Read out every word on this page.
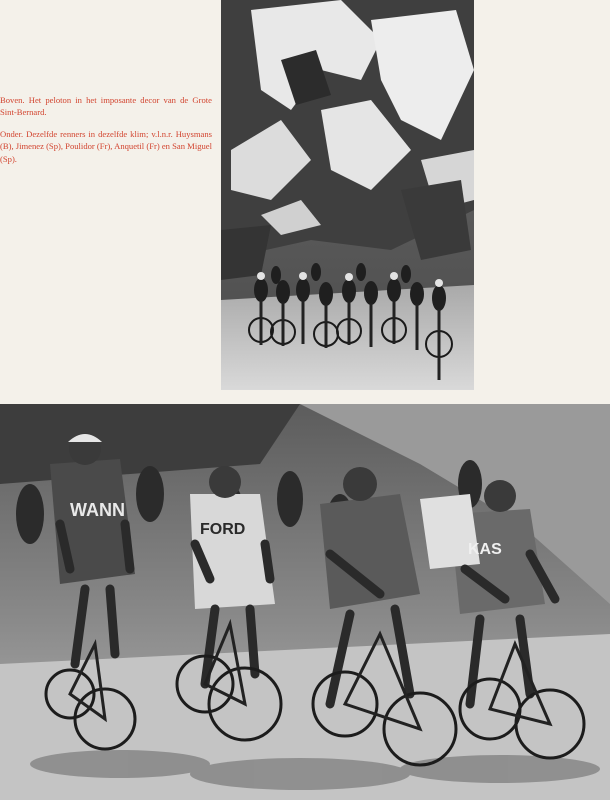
Boven. Het peloton in het imposante decor van de Grote Sint-Bernard.

Onder. Dezelfde renners in dezelfde klim; v.l.n.r. Huysmans (B), Jimenez (Sp), Poulidor (Fr), Anquetil (Fr) en San Miguel (Sp).

WANN
FORD
KAS
